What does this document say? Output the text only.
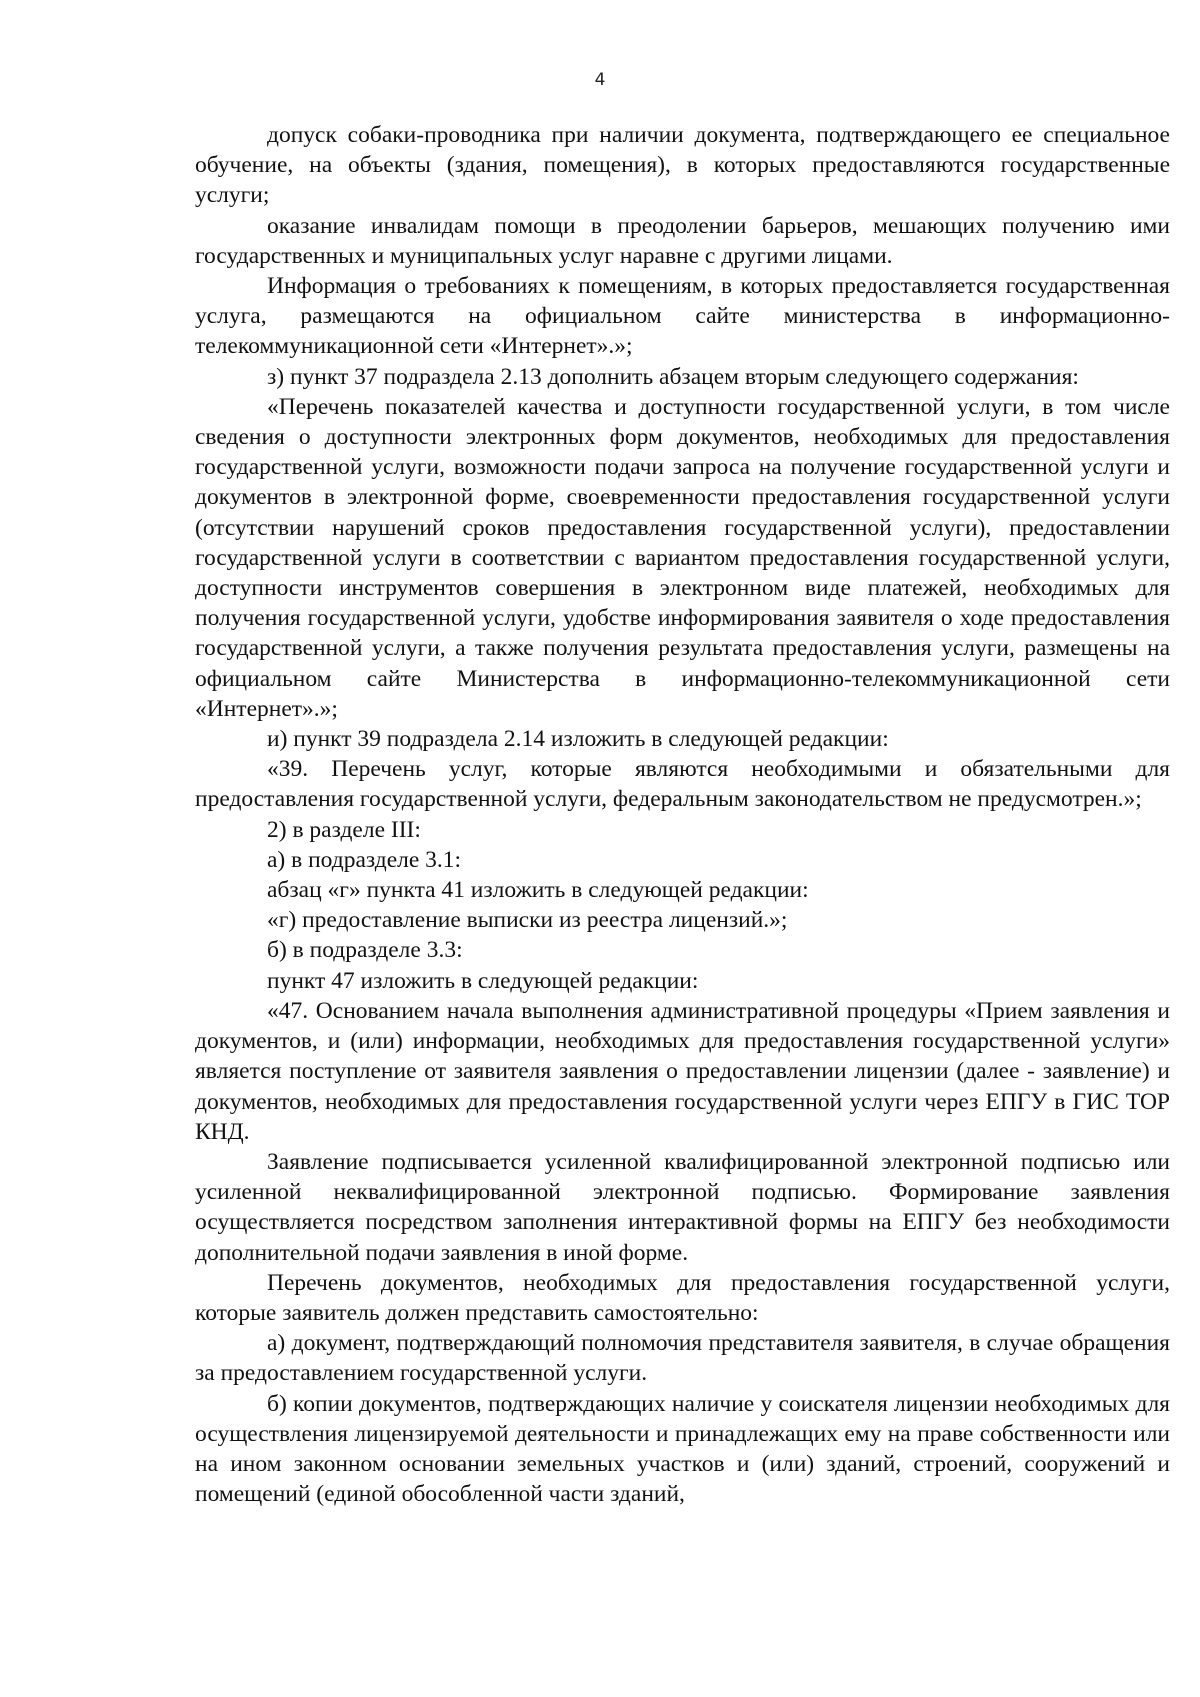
4

допуск собаки-проводника при наличии документа, подтверждающего ее специальное обучение, на объекты (здания, помещения), в которых предоставляются государственные услуги;

оказание инвалидам помощи в преодолении барьеров, мешающих получению ими государственных и муниципальных услуг наравне с другими лицами.

Информация о требованиях к помещениям, в которых предоставляется государственная услуга, размещаются на официальном сайте министерства в информационно-телекоммуникационной сети «Интернет».»;

з) пункт 37 подраздела 2.13 дополнить абзацем вторым следующего содержания:

«Перечень показателей качества и доступности государственной услуги, в том числе сведения о доступности электронных форм документов, необходимых для предоставления государственной услуги, возможности подачи запроса на получение государственной услуги и документов в электронной форме, своевременности предоставления государственной услуги (отсутствии нарушений сроков предоставления государственной услуги), предоставлении государственной услуги в соответствии с вариантом предоставления государственной услуги, доступности инструментов совершения в электронном виде платежей, необходимых для получения государственной услуги, удобстве информирования заявителя о ходе предоставления государственной услуги, а также получения результата предоставления услуги, размещены на официальном сайте Министерства в информационно-телекоммуникационной сети «Интернет».»;

и) пункт 39 подраздела 2.14 изложить в следующей редакции:

«39. Перечень услуг, которые являются необходимыми и обязательными для предоставления государственной услуги, федеральным законодательством не предусмотрен.»;

2) в разделе III:

а) в подразделе 3.1:

абзац «г» пункта 41 изложить в следующей редакции:

«г) предоставление выписки из реестра лицензий.»;

б) в подразделе 3.3:

пункт 47 изложить в следующей редакции:

«47. Основанием начала выполнения административной процедуры «Прием заявления и документов, и (или) информации, необходимых для предоставления государственной услуги» является поступление от заявителя заявления о предоставлении лицензии (далее - заявление) и документов, необходимых для предоставления государственной услуги через ЕПГУ в ГИС ТОР КНД.

Заявление подписывается усиленной квалифицированной электронной подписью или усиленной неквалифицированной электронной подписью. Формирование заявления осуществляется посредством заполнения интерактивной формы на ЕПГУ без необходимости дополнительной подачи заявления в иной форме.

Перечень документов, необходимых для предоставления государственной услуги, которые заявитель должен представить самостоятельно:

а) документ, подтверждающий полномочия представителя заявителя, в случае обращения за предоставлением государственной услуги.

б) копии документов, подтверждающих наличие у соискателя лицензии необходимых для осуществления лицензируемой деятельности и принадлежащих ему на праве собственности или на ином законном основании земельных участков и (или) зданий, строений, сооружений и помещений (единой обособленной части зданий,
